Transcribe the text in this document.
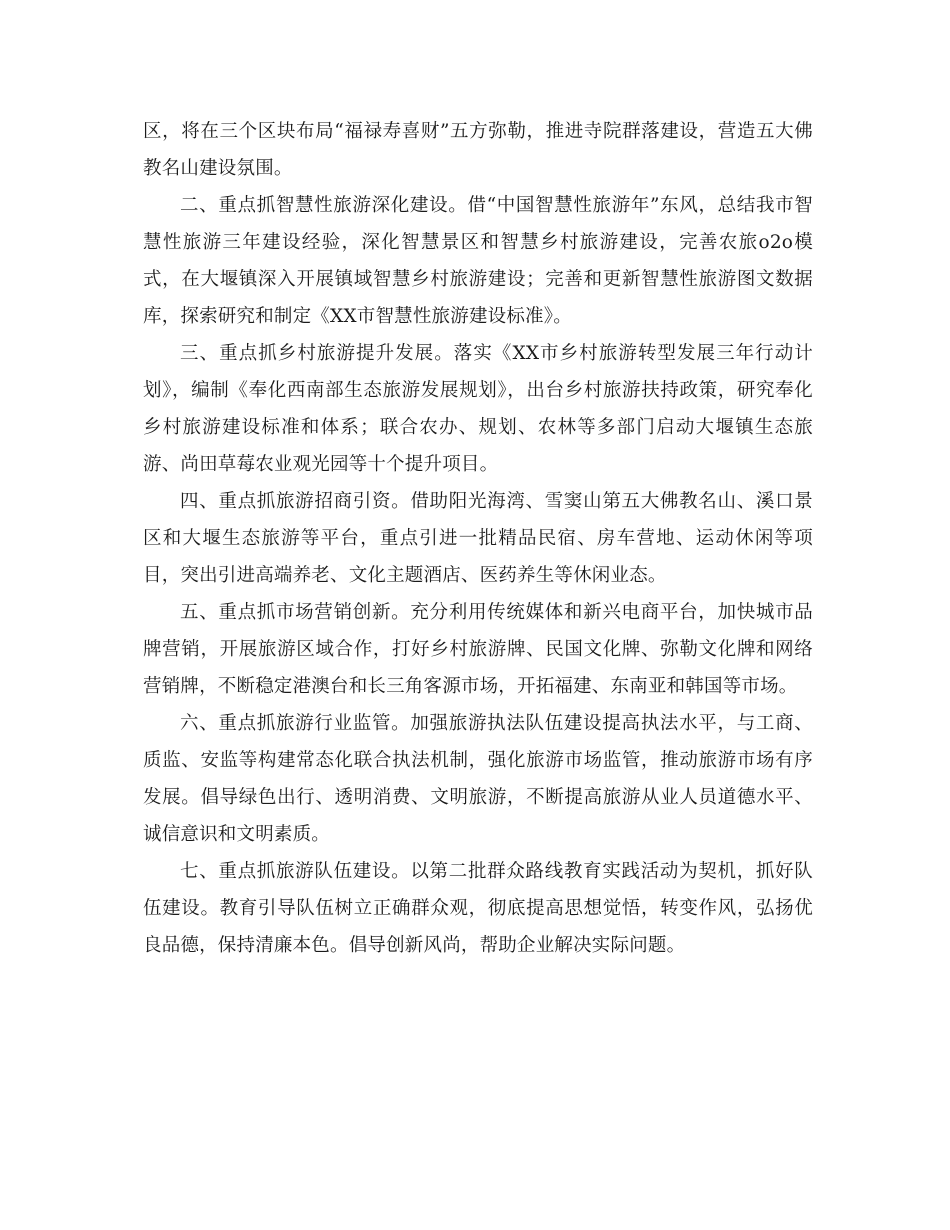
区，将在三个区块布局“福禄寿喜财”五方弥勒，推进寺院群落建设，营造五大佛教名山建设氛围。

二、重点抓智慧性旅游深化建设。借“中国智慧性旅游年”东风，总结我市智慧性旅游三年建设经验，深化智慧景区和智慧乡村旅游建设，完善农旅o2o模式，在大堰镇深入开展镇域智慧乡村旅游建设；完善和更新智慧性旅游图文数据库，探索研究和制定《XX市智慧性旅游建设标准》。

三、重点抓乡村旅游提升发展。落实《XX市乡村旅游转型发展三年行动计划》，编制《奉化西南部生态旅游发展规划》，出台乡村旅游扶持政策，研究奉化乡村旅游建设标准和体系；联合农办、规划、农林等多部门启动大堰镇生态旅游、尚田草莓农业观光园等十个提升项目。

四、重点抓旅游招商引资。借助阳光海湾、雪窦山第五大佛教名山、溪口景区和大堰生态旅游等平台，重点引进一批精品民宿、房车营地、运动休闲等项目，突出引进高端养老、文化主题酒店、医药养生等休闲业态。

五、重点抓市场营销创新。充分利用传统媒体和新兴电商平台，加快城市品牌营销，开展旅游区域合作，打好乡村旅游牌、民国文化牌、弥勒文化牌和网络营销牌，不断稳定港澳台和长三角客源市场，开拓福建、东南亚和韩国等市场。

六、重点抓旅游行业监管。加强旅游执法队伍建设提高执法水平，与工商、质监、安监等构建常态化联合执法机制，强化旅游市场监管，推动旅游市场有序发展。倡导绿色出行、透明消费、文明旅游，不断提高旅游从业人员道德水平、诚信意识和文明素质。

七、重点抓旅游队伍建设。以第二批群众路线教育实践活动为契机，抓好队伍建设。教育引导队伍树立正确群众观，彻底提高思想觉悟，转变作风，弘扬优良品德，保持清廉本色。倡导创新风尚，帮助企业解决实际问题。
